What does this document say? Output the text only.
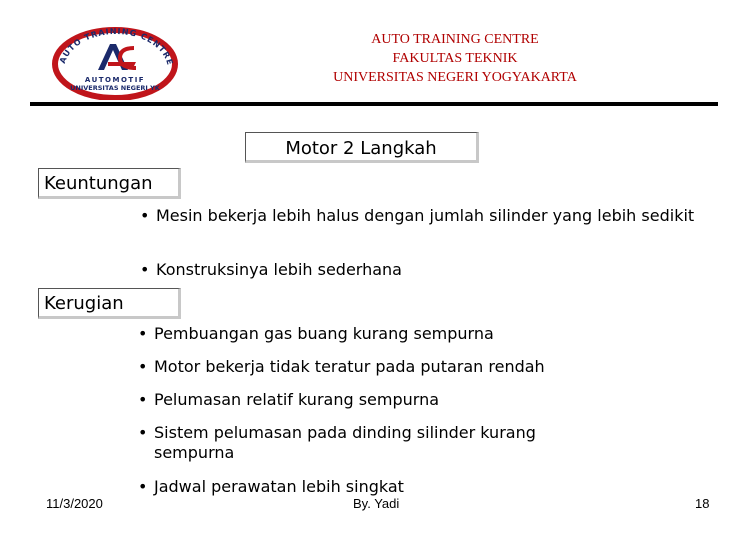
AUTO TRAINING CENTRE
AUTOMOTIF
UNIVERSITAS NEGERI YK
AUTO TRAINING CENTRE
FAKULTAS TEKNIK
UNIVERSITAS NEGERI YOGYAKARTA
Motor 2 Langkah
Keuntungan
• Mesin bekerja lebih halus dengan jumlah silinder yang lebih sedikit
• Konstruksinya lebih sederhana
Kerugian
• Pembuangan gas buang kurang sempurna
• Motor bekerja tidak teratur pada putaran rendah
• Pelumasan relatif kurang sempurna
• Sistem pelumasan pada dinding silinder kurang sempurna
• Jadwal perawatan lebih singkat
11/3/2020	By. Yadi	18
